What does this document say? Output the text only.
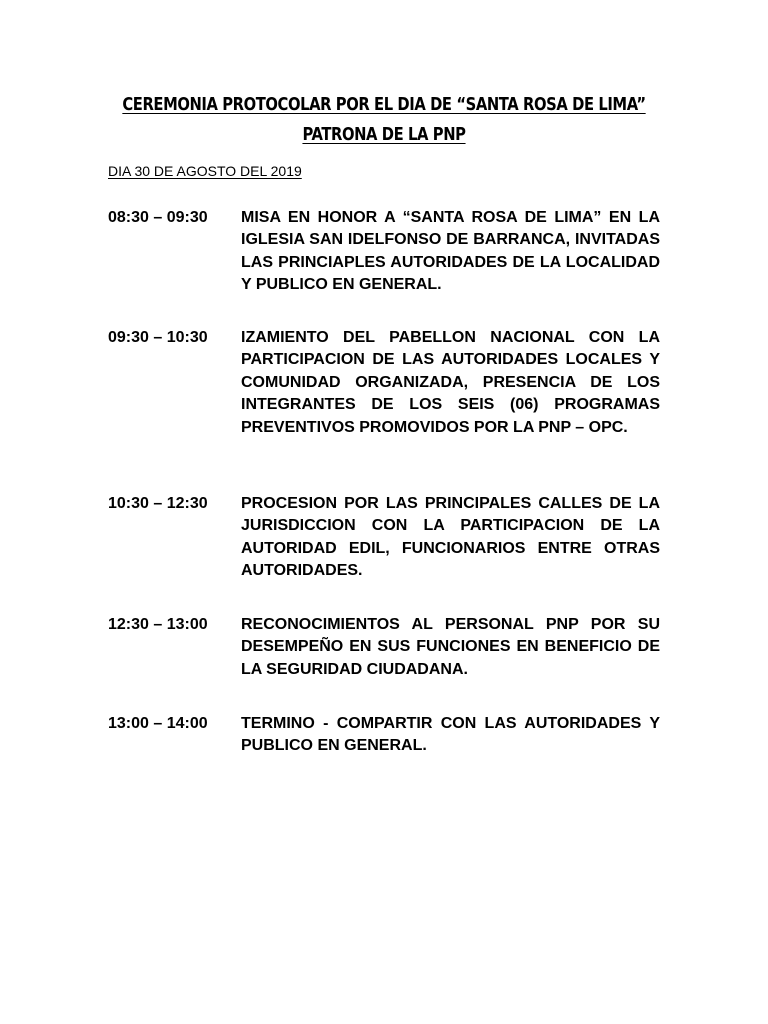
CEREMONIA PROTOCOLAR POR EL DIA DE “SANTA ROSA DE LIMA”
PATRONA DE LA PNP
DIA 30 DE AGOSTO DEL 2019
08:30 – 09:30 MISA EN HONOR A “SANTA ROSA DE LIMA” EN LA IGLESIA SAN IDELFONSO DE BARRANCA, INVITADAS LAS PRINCIAPLES AUTORIDADES DE LA LOCALIDAD Y PUBLICO EN GENERAL.
09:30 – 10:30 IZAMIENTO DEL PABELLON NACIONAL CON LA PARTICIPACION DE LAS AUTORIDADES LOCALES Y COMUNIDAD ORGANIZADA, PRESENCIA DE LOS INTEGRANTES DE LOS SEIS (06) PROGRAMAS PREVENTIVOS PROMOVIDOS POR LA PNP – OPC.
10:30 – 12:30 PROCESION POR LAS PRINCIPALES CALLES DE LA JURISDICCION CON LA PARTICIPACION DE LA AUTORIDAD EDIL, FUNCIONARIOS ENTRE OTRAS AUTORIDADES.
12:30 – 13:00 RECONOCIMIENTOS AL PERSONAL PNP POR SU DESEMPEÑO EN SUS FUNCIONES EN BENEFICIO DE LA SEGURIDAD CIUDADANA.
13:00 – 14:00 TERMINO - COMPARTIR CON LAS AUTORIDADES Y PUBLICO EN GENERAL.
